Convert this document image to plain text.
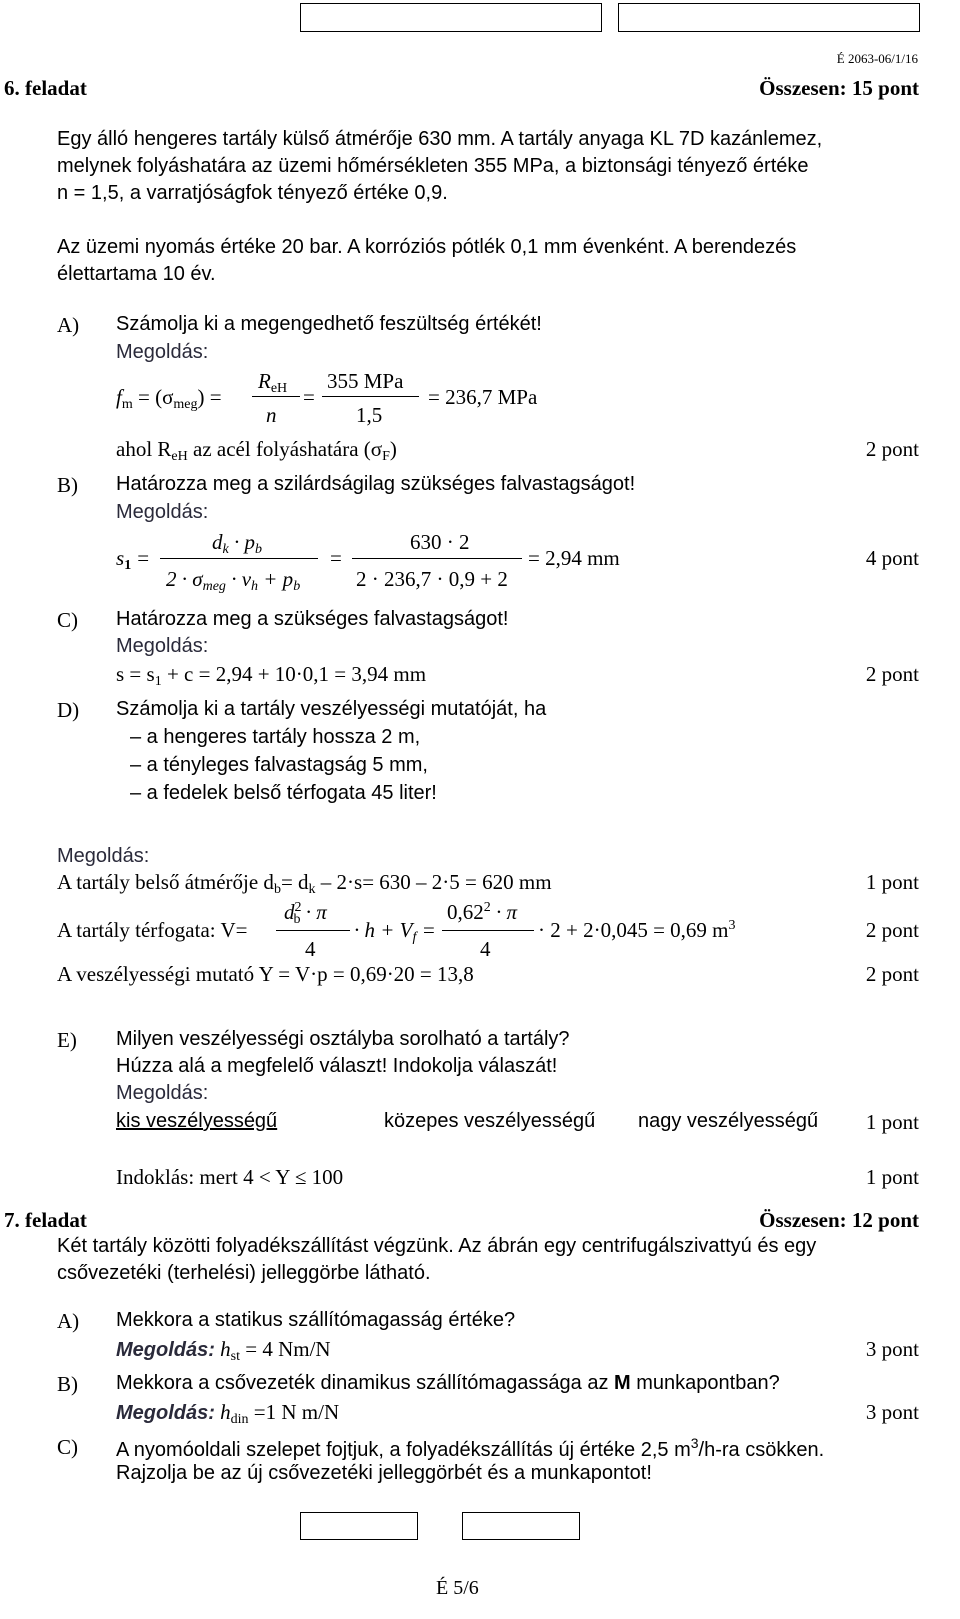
É 2063-06/1/16
6. feladat	Összesen: 15 pont
Egy álló hengeres tartály külső átmérője 630 mm. A tartály anyaga KL 7D kazánlemez,
melynek folyáshatára az üzemi hőmérsékleten 355 MPa, a biztonsági tényező értéke
n = 1,5, a varratjóságfok tényező értéke 0,9.
Az üzemi nyomás értéke 20 bar. A korróziós pótlék 0,1 mm évenként. A berendezés
élettartama 10 év.
A) Számolja ki a megengedhető feszültség értékét!
Megoldás:
$f_m = (\sigma_{meg})$ =
$R_{eH}$
n
=
355 MPa
1,5
= 236,7 MPa
ahol $R_{eH}$ az acél folyáshatára $(\sigma_F)$	2 pont
B) Határozza meg a szilárdságilag szükséges falvastagságot!
Megoldás:
$s_1$ =
$d_k \cdot p_b$
$2 \cdot \sigma_{meg} \cdot \nu_h + p_b$
=
630 · 2
2 · 236,7 · 0,9 + 2
= 2,94 mm	4 pont
C) Határozza meg a szükséges falvastagságot!
Megoldás:
$s = s_1 + c = 2,94 + 10\cdot 0,1 = 3,94$ mm	2 pont
D) Számolja ki a tartály veszélyességi mutatóját, ha
– a hengeres tartály hossza 2 m,
– a tényleges falvastagság 5 mm,
– a fedelek belső térfogata 45 liter!
Megoldás:
A tartály belső átmérője $d_b= d_k - 2\cdot s= 630 - 2\cdot 5 = 620$ mm	1 pont
A tartály térfogata: V=
$d^2_b \cdot \pi$
4
· $h + V_f$ =
$0,62^2 \cdot \pi$
4
· 2 + 2·0,045 = 0,69 $m^3$	2 pont
A veszélyességi mutató Y = V·p = 0,69·20 = 13,8	2 pont
E) Milyen veszélyességi osztályba sorolható a tartály?
Húzza alá a megfelelő választ! Indokolja válaszát!
Megoldás:
kis veszélyességű	közepes veszélyességű nagy veszélyességű 1 pont
Indoklás: mert 4 < Y ≤ 100	1 pont
7. feladat	Összesen: 12 pont
Két tartály közötti folyadékszállítást végzünk. Az ábrán egy centrifugálszivattyú és egy
csővezetéki (terhelési) jelleggörbe látható.
A) Mekkora a statikus szállítómagasság értéke?
Megoldás: $h_{st} = 4$ Nm/N	3 pont
B) Mekkora a csővezeték dinamikus szállítómagassága az M munkapontban?
Megoldás: $h_{din} =1$ N m/N	3 pont
C) A nyomóoldali szelepet fojtjuk, a folyadékszállítás új értéke 2,5 $m^3/h-ra$ csökken.
Rajzolja be az új csővezetéki jelleggörbét és a munkapontot!
É 5/6
